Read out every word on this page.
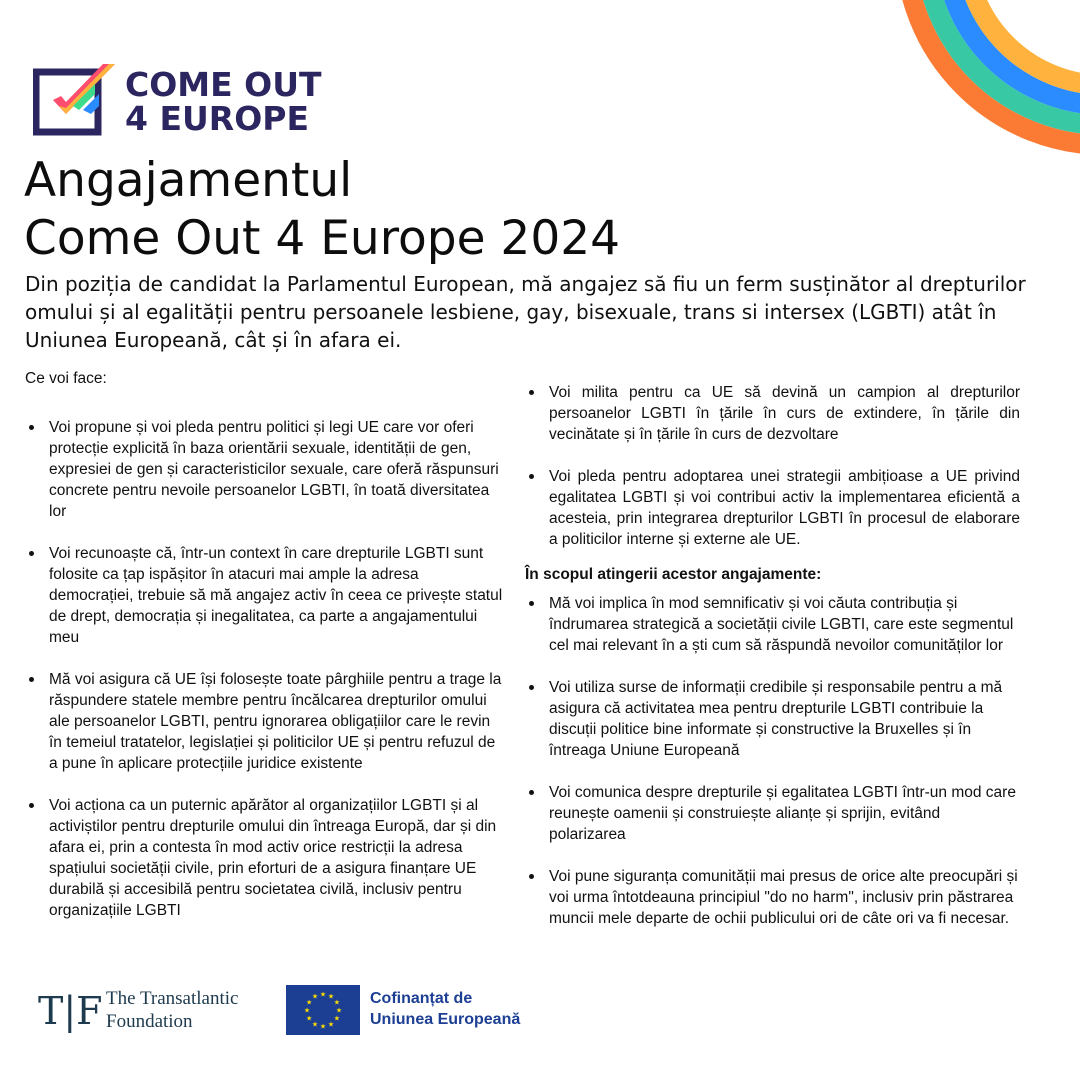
COME OUT
4 EUROPE
Angajamentul
Come Out 4 Europe 2024

Din poziția de candidat la Parlamentul European, mă angajez să fiu un ferm susținător al drepturilor omului și al egalității pentru persoanele lesbiene, gay, bisexuale, trans si intersex (LGBTI) atât în Uniunea Europeană, cât și în afara ei.

Ce voi face:

Voi propune și voi pleda pentru politici și legi UE care vor oferi protecție explicită în baza orientării sexuale, identității de gen, expresiei de gen și caracteristicilor sexuale, care oferă răspunsuri concrete pentru nevoile persoanelor LGBTI, în toată diversitatea lor
Voi recunoaște că, într-un context în care drepturile LGBTI sunt folosite ca țap ispășitor în atacuri mai ample la adresa democrației, trebuie să mă angajez activ în ceea ce privește statul de drept, democrația și inegalitatea, ca parte a angajamentului meu
Mă voi asigura că UE își folosește toate pârghiile pentru a trage la răspundere statele membre pentru încălcarea drepturilor omului ale persoanelor LGBTI, pentru ignorarea obligațiilor care le revin în temeiul tratatelor, legislației și politicilor UE și pentru refuzul de a pune în aplicare protecțiile juridice existente
Voi acționa ca un puternic apărător al organizațiilor LGBTI și al activiștilor pentru drepturile omului din întreaga Europă, dar și din afara ei, prin a contesta în mod activ orice restricții la adresa spațiului societății civile, prin eforturi de a asigura finanțare UE durabilă și accesibilă pentru societatea civilă, inclusiv pentru organizațiile LGBTI
Voi milita pentru ca UE să devină un campion al drepturilor persoanelor LGBTI în țările în curs de extindere, în țările din vecinătate și în țările în curs de dezvoltare
Voi pleda pentru adoptarea unei strategii ambițioase a UE privind egalitatea LGBTI și voi contribui activ la implementarea eficientă a acesteia, prin integrarea drepturilor LGBTI în procesul de elaborare a politicilor interne și externe ale UE.

În scopul atingerii acestor angajamente:

Mă voi implica în mod semnificativ și voi căuta contribuția și îndrumarea strategică a societății civile LGBTI, care este segmentul cel mai relevant în a ști cum să răspundă nevoilor comunităților lor
Voi utiliza surse de informații credibile și responsabile pentru a mă asigura că activitatea mea pentru drepturile LGBTI contribuie la discuții politice bine informate și constructive la Bruxelles și în întreaga Uniune Europeană
Voi comunica despre drepturile și egalitatea LGBTI într-un mod care reunește oamenii și construiește alianțe și sprijin, evitând polarizarea
Voi pune siguranța comunității mai presus de orice alte preocupări și voi urma întotdeauna principiul "do no harm", inclusiv prin păstrarea muncii mele departe de ochii publicului ori de câte ori va fi necesar.
T|F The Transatlantic
Foundation
★ ★
★
★
★
★
★
★
★
★
★
★	Cofinanțat de
Uniunea Europeană
